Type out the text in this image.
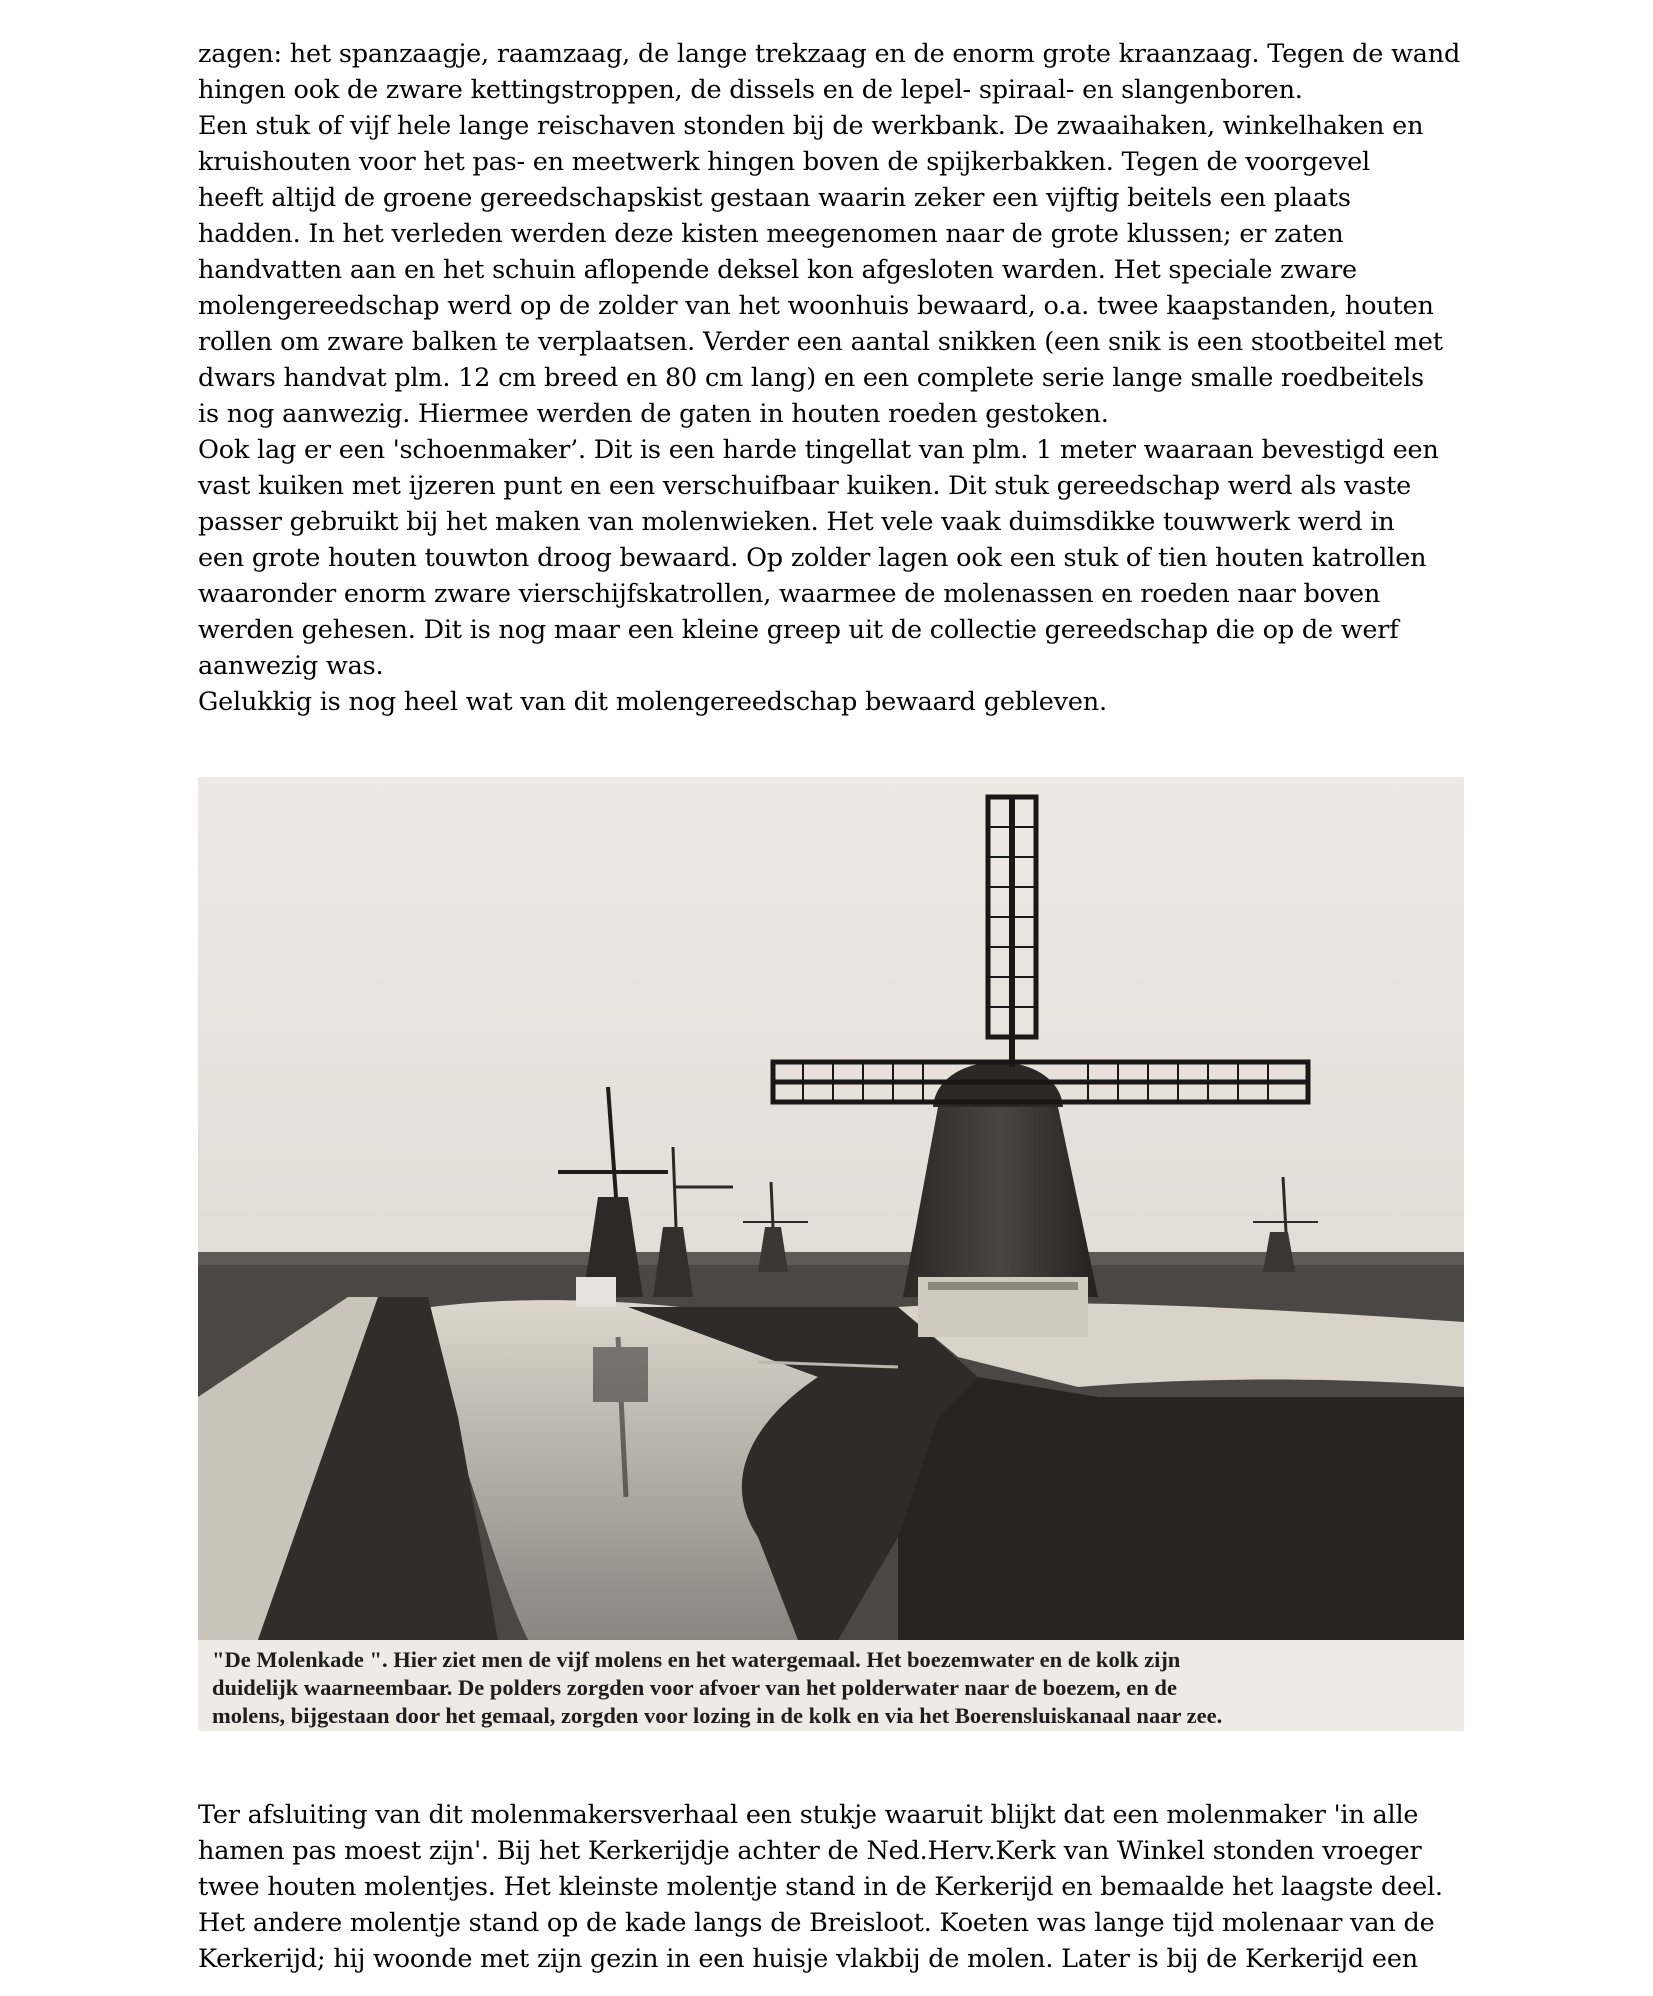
zagen: het spanzaagje, raamzaag, de lange trekzaag en de enorm grote kraanzaag. Tegen de wand
hingen ook de zware kettingstroppen, de dissels en de lepel- spiraal- en slangenboren.
Een stuk of vijf hele lange reischaven stonden bij de werkbank. De zwaaihaken, winkelhaken en
kruishouten voor het pas- en meetwerk hingen boven de spijkerbakken. Tegen de voorgevel
heeft altijd de groene gereedschapskist gestaan waarin zeker een vijftig beitels een plaats
hadden. In het verleden werden deze kisten meegenomen naar de grote klussen; er zaten
handvatten aan en het schuin aflopende deksel kon afgesloten warden. Het speciale zware
molengereedschap werd op de zolder van het woonhuis bewaard, o.a. twee kaapstanden, houten
rollen om zware balken te verplaatsen. Verder een aantal snikken (een snik is een stootbeitel met
dwars handvat plm. 12 cm breed en 80 cm lang) en een complete serie lange smalle roedbeitels
is nog aanwezig. Hiermee werden de gaten in houten roeden gestoken.
Ook lag er een 'schoenmaker’. Dit is een harde tingellat van plm. 1 meter waaraan bevestigd een
vast kuiken met ijzeren punt en een verschuifbaar kuiken. Dit stuk gereedschap werd als vaste
passer gebruikt bij het maken van molenwieken. Het vele vaak duimsdikke touwwerk werd in
een grote houten touwton droog bewaard. Op zolder lagen ook een stuk of tien houten katrollen
waaronder enorm zware vierschijfskatrollen, waarmee de molenassen en roeden naar boven
werden gehesen. Dit is nog maar een kleine greep uit de collectie gereedschap die op de werf
aanwezig was.
Gelukkig is nog heel wat van dit molengereedschap bewaard gebleven.
"De Molenkade ". Hier ziet men de vijf molens en het watergemaal. Het boezemwater en de kolk zijn
duidelijk waarneembaar. De polders zorgden voor afvoer van het polderwater naar de boezem, en de
molens, bijgestaan door het gemaal, zorgden voor lozing in de kolk en via het Boerensluiskanaal naar zee.
Ter afsluiting van dit molenmakersverhaal een stukje waaruit blijkt dat een molenmaker 'in alle
hamen pas moest zijn'. Bij het Kerkerijdje achter de Ned.Herv.Kerk van Winkel stonden vroeger
twee houten molentjes. Het kleinste molentje stand in de Kerkerijd en bemaalde het laagste deel.
Het andere molentje stand op de kade langs de Breisloot. Koeten was lange tijd molenaar van de
Kerkerijd; hij woonde met zijn gezin in een huisje vlakbij de molen. Later is bij de Kerkerijd een
